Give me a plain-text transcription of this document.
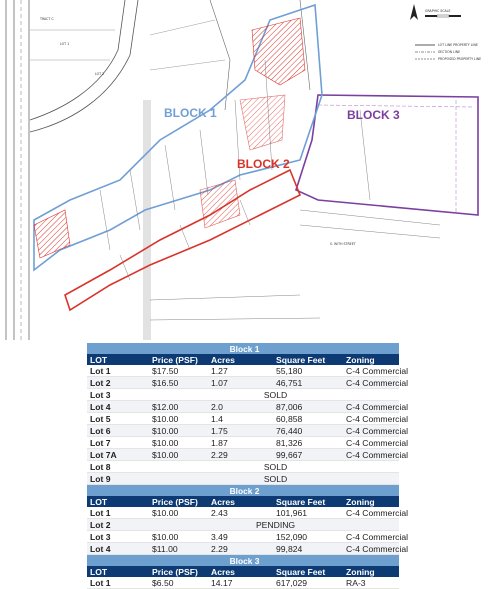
BLOCK 1
BLOCK 2
BLOCK 3
TRACT C
LOT 1
LOT 2
S. WITH STREET
GRAPHIC SCALE
LOT LINE PROPERTY LINE
SECTION LINE
PROPOSED PROPERTY LINE
Block 1				
LOT	Price (PSF)	Acres	Square Feet	Zoning
Lot 1	$17.50	1.27	55,180	C-4 Commercial
Lot 2	$16.50	1.07	46,751	C-4 Commercial
Lot 3	SOLD			
Lot 4	$12.00	2.0	87,006	C-4 Commercial
Lot 5	$10.00	1.4	60,858	C-4 Commercial
Lot 6	$10.00	1.75	76,440	C-4 Commercial
Lot 7	$10.00	1.87	81,326	C-4 Commercial
Lot 7A	$10.00	2.29	99,667	C-4 Commercial
Lot 8	SOLD			
Lot 9	SOLD			
Block 2				
LOT	Price (PSF)	Acres	Square Feet	Zoning
Lot 1	$10.00	2.43	101,961	C-4 Commercial
Lot 2	PENDING			
Lot 3	$10.00	3.49	152,090	C-4 Commercial
Lot 4	$11.00	2.29	99,824	C-4 Commercial
Block 3				
LOT	Price (PSF)	Acres	Square Feet	Zoning
Lot 1	$6.50	14.17	617,029	RA-3
